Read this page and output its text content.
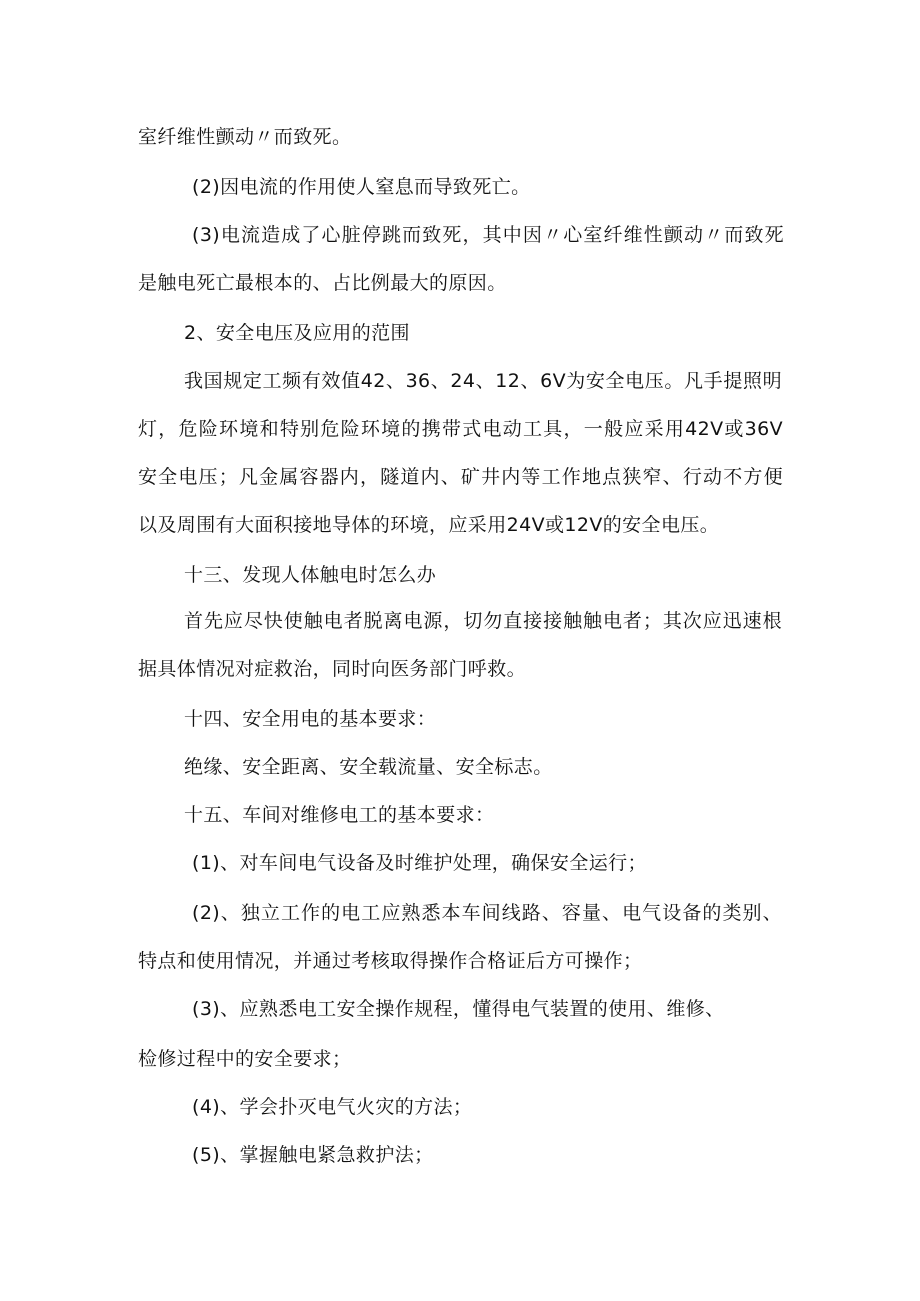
室纤维性颤动〃而致死。
(2)因电流的作用使人窒息而导致死亡。
(3)电流造成了心脏停跳而致死，其中因〃心室纤维性颤动〃而致死
是触电死亡最根本的、占比例最大的原因。
2、安全电压及应用的范围
我国规定工频有效值42、36、24、12、6V为安全电压。凡手提照明
灯，危险环境和特别危险环境的携带式电动工具，一般应采用42V或36V
安全电压；凡金属容器内，隧道内、矿井内等工作地点狭窄、行动不方便
以及周围有大面积接地导体的环境，应采用24V或12V的安全电压。
十三、发现人体触电时怎么办
首先应尽快使触电者脱离电源，切勿直接接触触电者；其次应迅速根
据具体情况对症救治，同时向医务部门呼救。
十四、安全用电的基本要求：
绝缘、安全距离、安全载流量、安全标志。
十五、车间对维修电工的基本要求：
(1)、对车间电气设备及时维护处理，确保安全运行；
(2)、独立工作的电工应熟悉本车间线路、容量、电气设备的类别、
特点和使用情况，并通过考核取得操作合格证后方可操作；
(3)、应熟悉电工安全操作规程，懂得电气装置的使用、维修、
检修过程中的安全要求；
(4)、学会扑灭电气火灾的方法；
(5)、掌握触电紧急救护法；
